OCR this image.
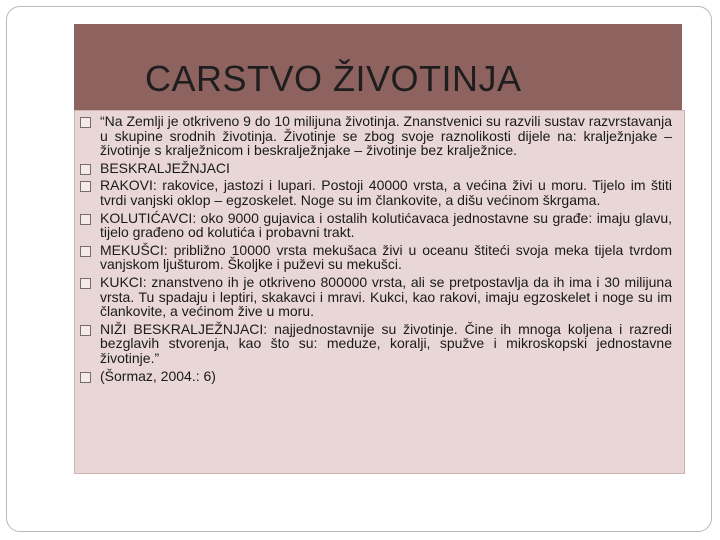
CARSTVO ŽIVOTINJA
“Na Zemlji je otkriveno 9 do 10 milijuna životinja. Znanstvenici su razvili sustav razvrstavanja u skupine srodnih životinja. Životinje se zbog svoje raznolikosti dijele na: kralježnjake – životinje s kralježnicom i beskralježnjake – životinje bez kralježnice.
BESKRALJEŽNJACI
RAKOVI: rakovice, jastozi i lupari. Postoji 40000 vrsta, a većina živi u moru. Tijelo im štiti tvrdi vanjski oklop – egzoskelet. Noge su im člankovite, a dišu većinom škrgama.
KOLUTIĆAVCI: oko 9000 gujavica i ostalih kolutićavaca jednostavne su građe: imaju glavu, tijelo građeno od kolutića i probavni trakt.
MEKUŠCI: približno 10000 vrsta mekušaca živi u oceanu štiteći svoja meka tijela tvrdom vanjskom ljušturom. Školjke i puževi su mekušci.
KUKCI: znanstveno ih je otkriveno 800000 vrsta, ali se pretpostavlja da ih ima i 30 milijuna vrsta. Tu spadaju i leptiri, skakavci i mravi. Kukci, kao rakovi, imaju egzoskelet i noge su im člankovite, a većinom žive u moru.
NIŽI BESKRALJEŽNJACI: najjednostavnije su životinje. Čine ih mnoga koljena i razredi bezglavih stvorenja, kao što su: meduze, koralji, spužve i mikroskopski jednostavne životinje.”
(Šormaz, 2004.: 6)
